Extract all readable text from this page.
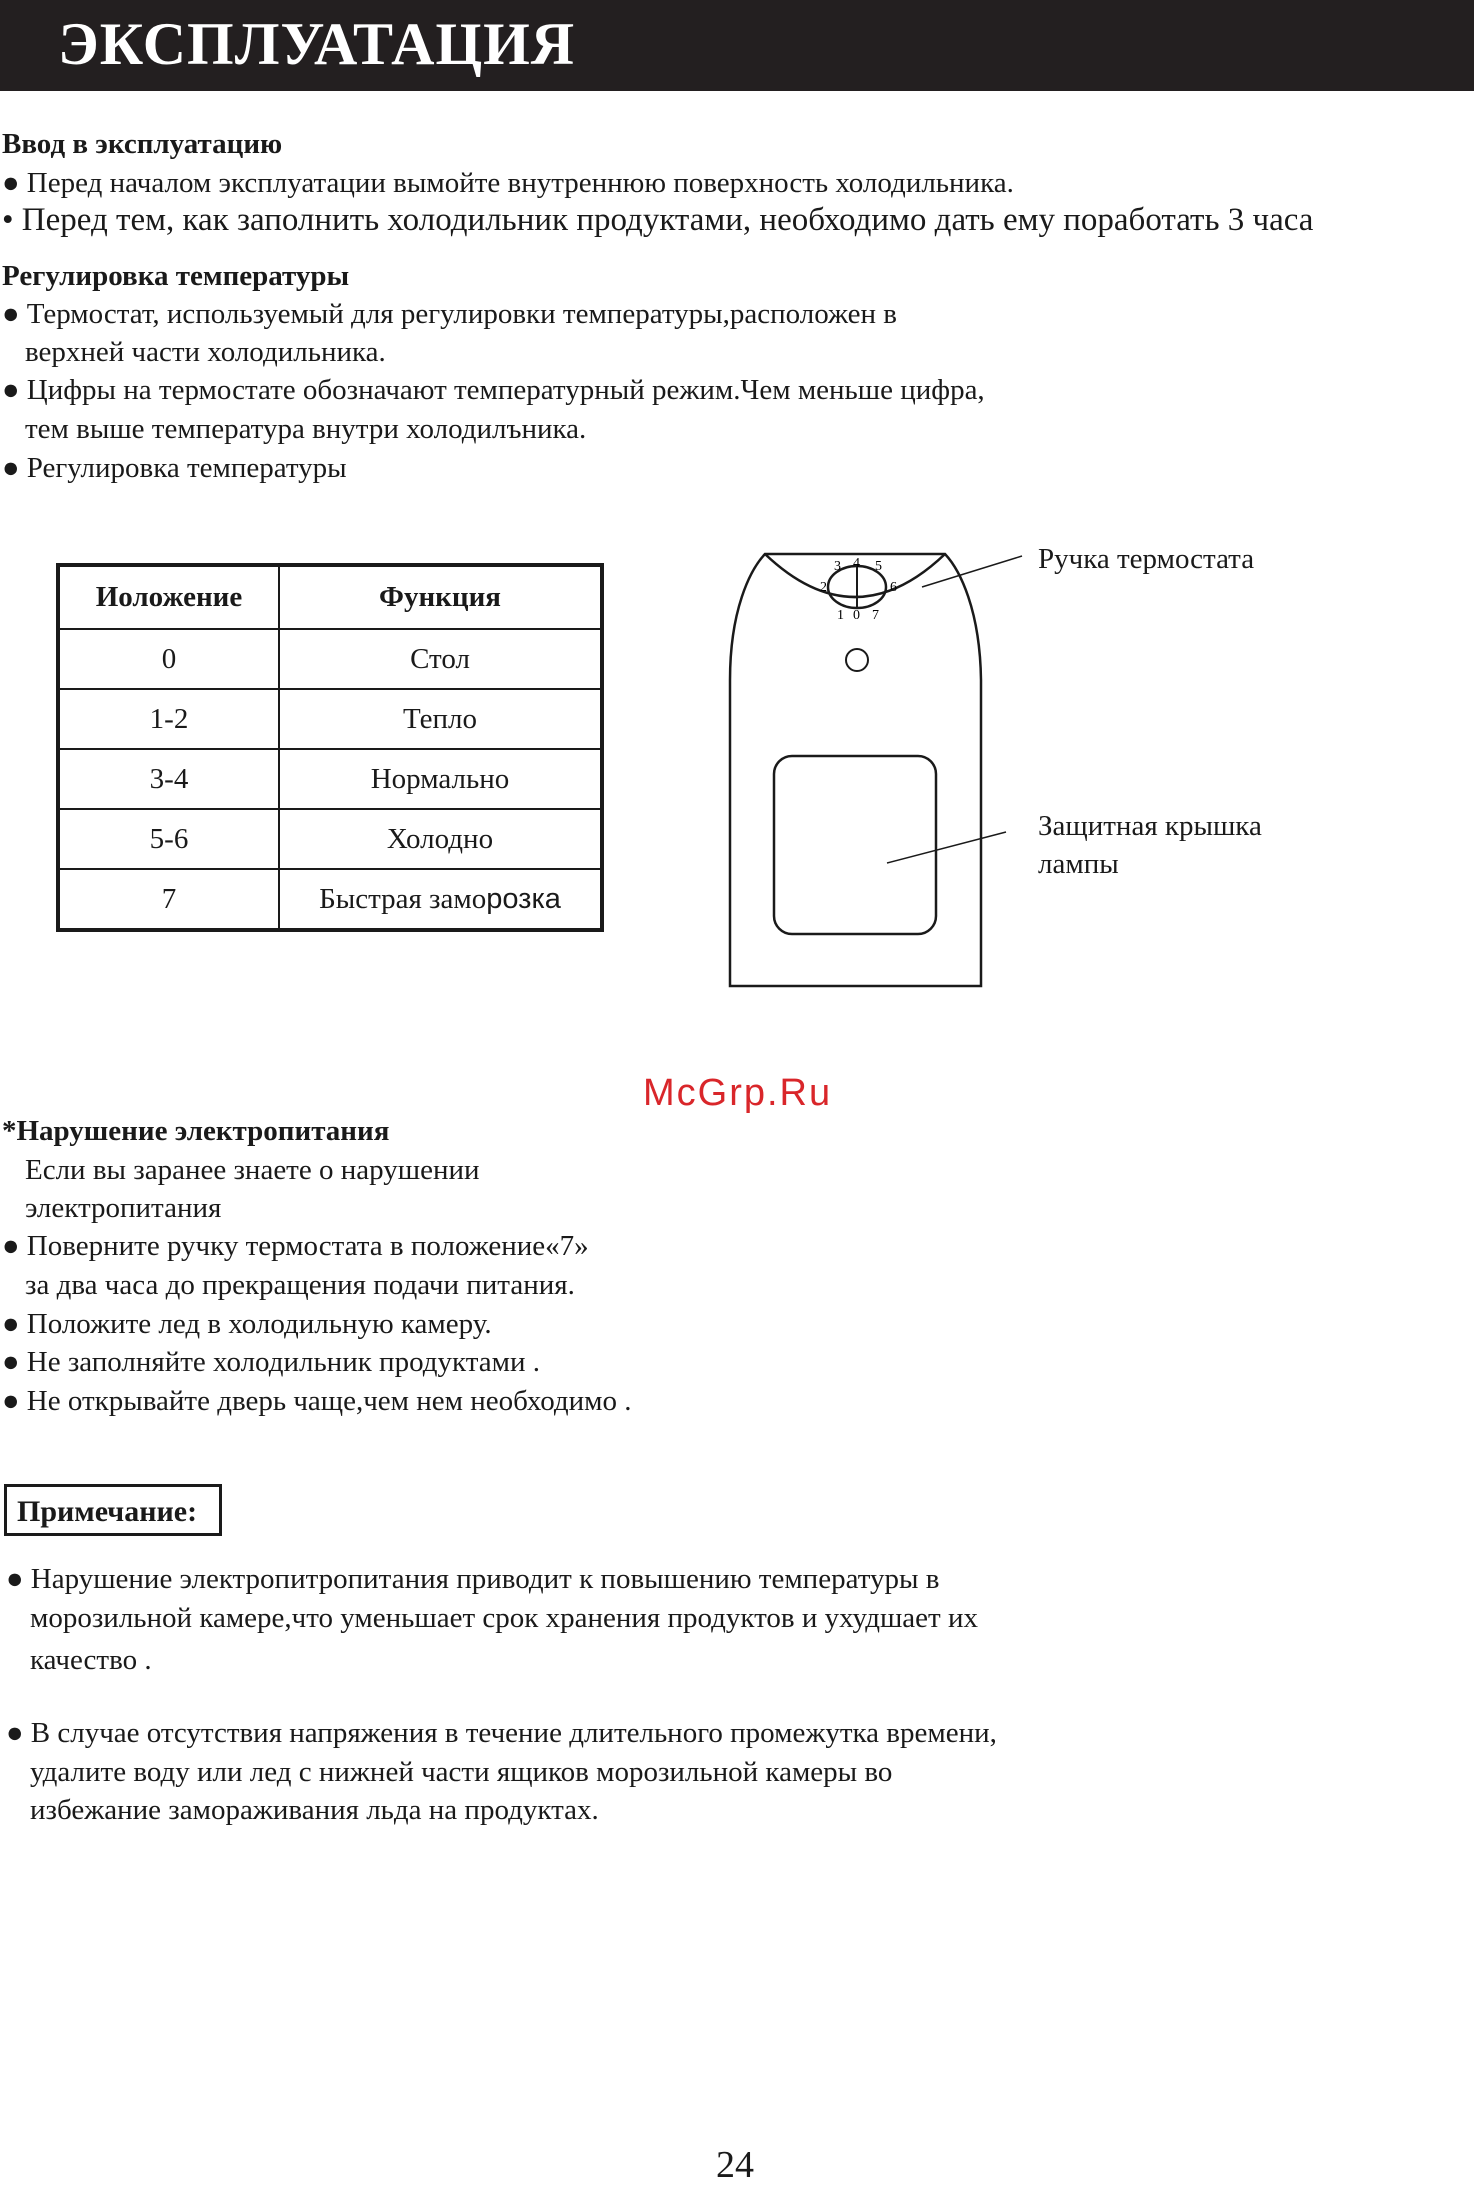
ЭКСПЛУАТАЦИЯ

Ввод в эксплуатацию

● Перед началом эксплуатации вымойте внутреннюю поверхность холодильника.

• Перед тем, как заполнить холодильник продуктами, необходимо дать ему поработать 3 часа

Регулировка температуры

● Термостат, используемый для регулировки температуры,расположен в

верхней части холодильника.

● Цифры на термостате обозначают температурный режим.Чем меньше цифра,

тем выше температура внутри холодилъника.

● Регулировка температуры

Иоложение	Функция
0	Стол
1-2	Тепло
3-4	Нормально
5-6	Холодно
7	Быстрая заморозка
3 4 5
2	6
1 0 7

Ручка термостата

Защитная крышка

лампы

McGrp.Ru

*Нарушение электропитания

Если вы заранее знаете о нарушении

электропитания

● Поверните ручку термостата в положение«7»

за два часа до прекращения подачи питания.

● Положите лед в холодильную камеру.

● Не заполняйте холодильник продуктами .

● Не открывайте дверь чаще,чем нем необходимо .

Примечание:

● Нарушение электропитропитания приводит к повышению температуры в

морозильной камере,что уменьшает срок хранения продуктов и ухудшает их

качество .

● В случае отсутствия напряжения в течение длительного промежутка времени,

удалите воду или лед с нижней части ящиков морозильной камеры во

избежание замораживания льда на продуктах.

24
